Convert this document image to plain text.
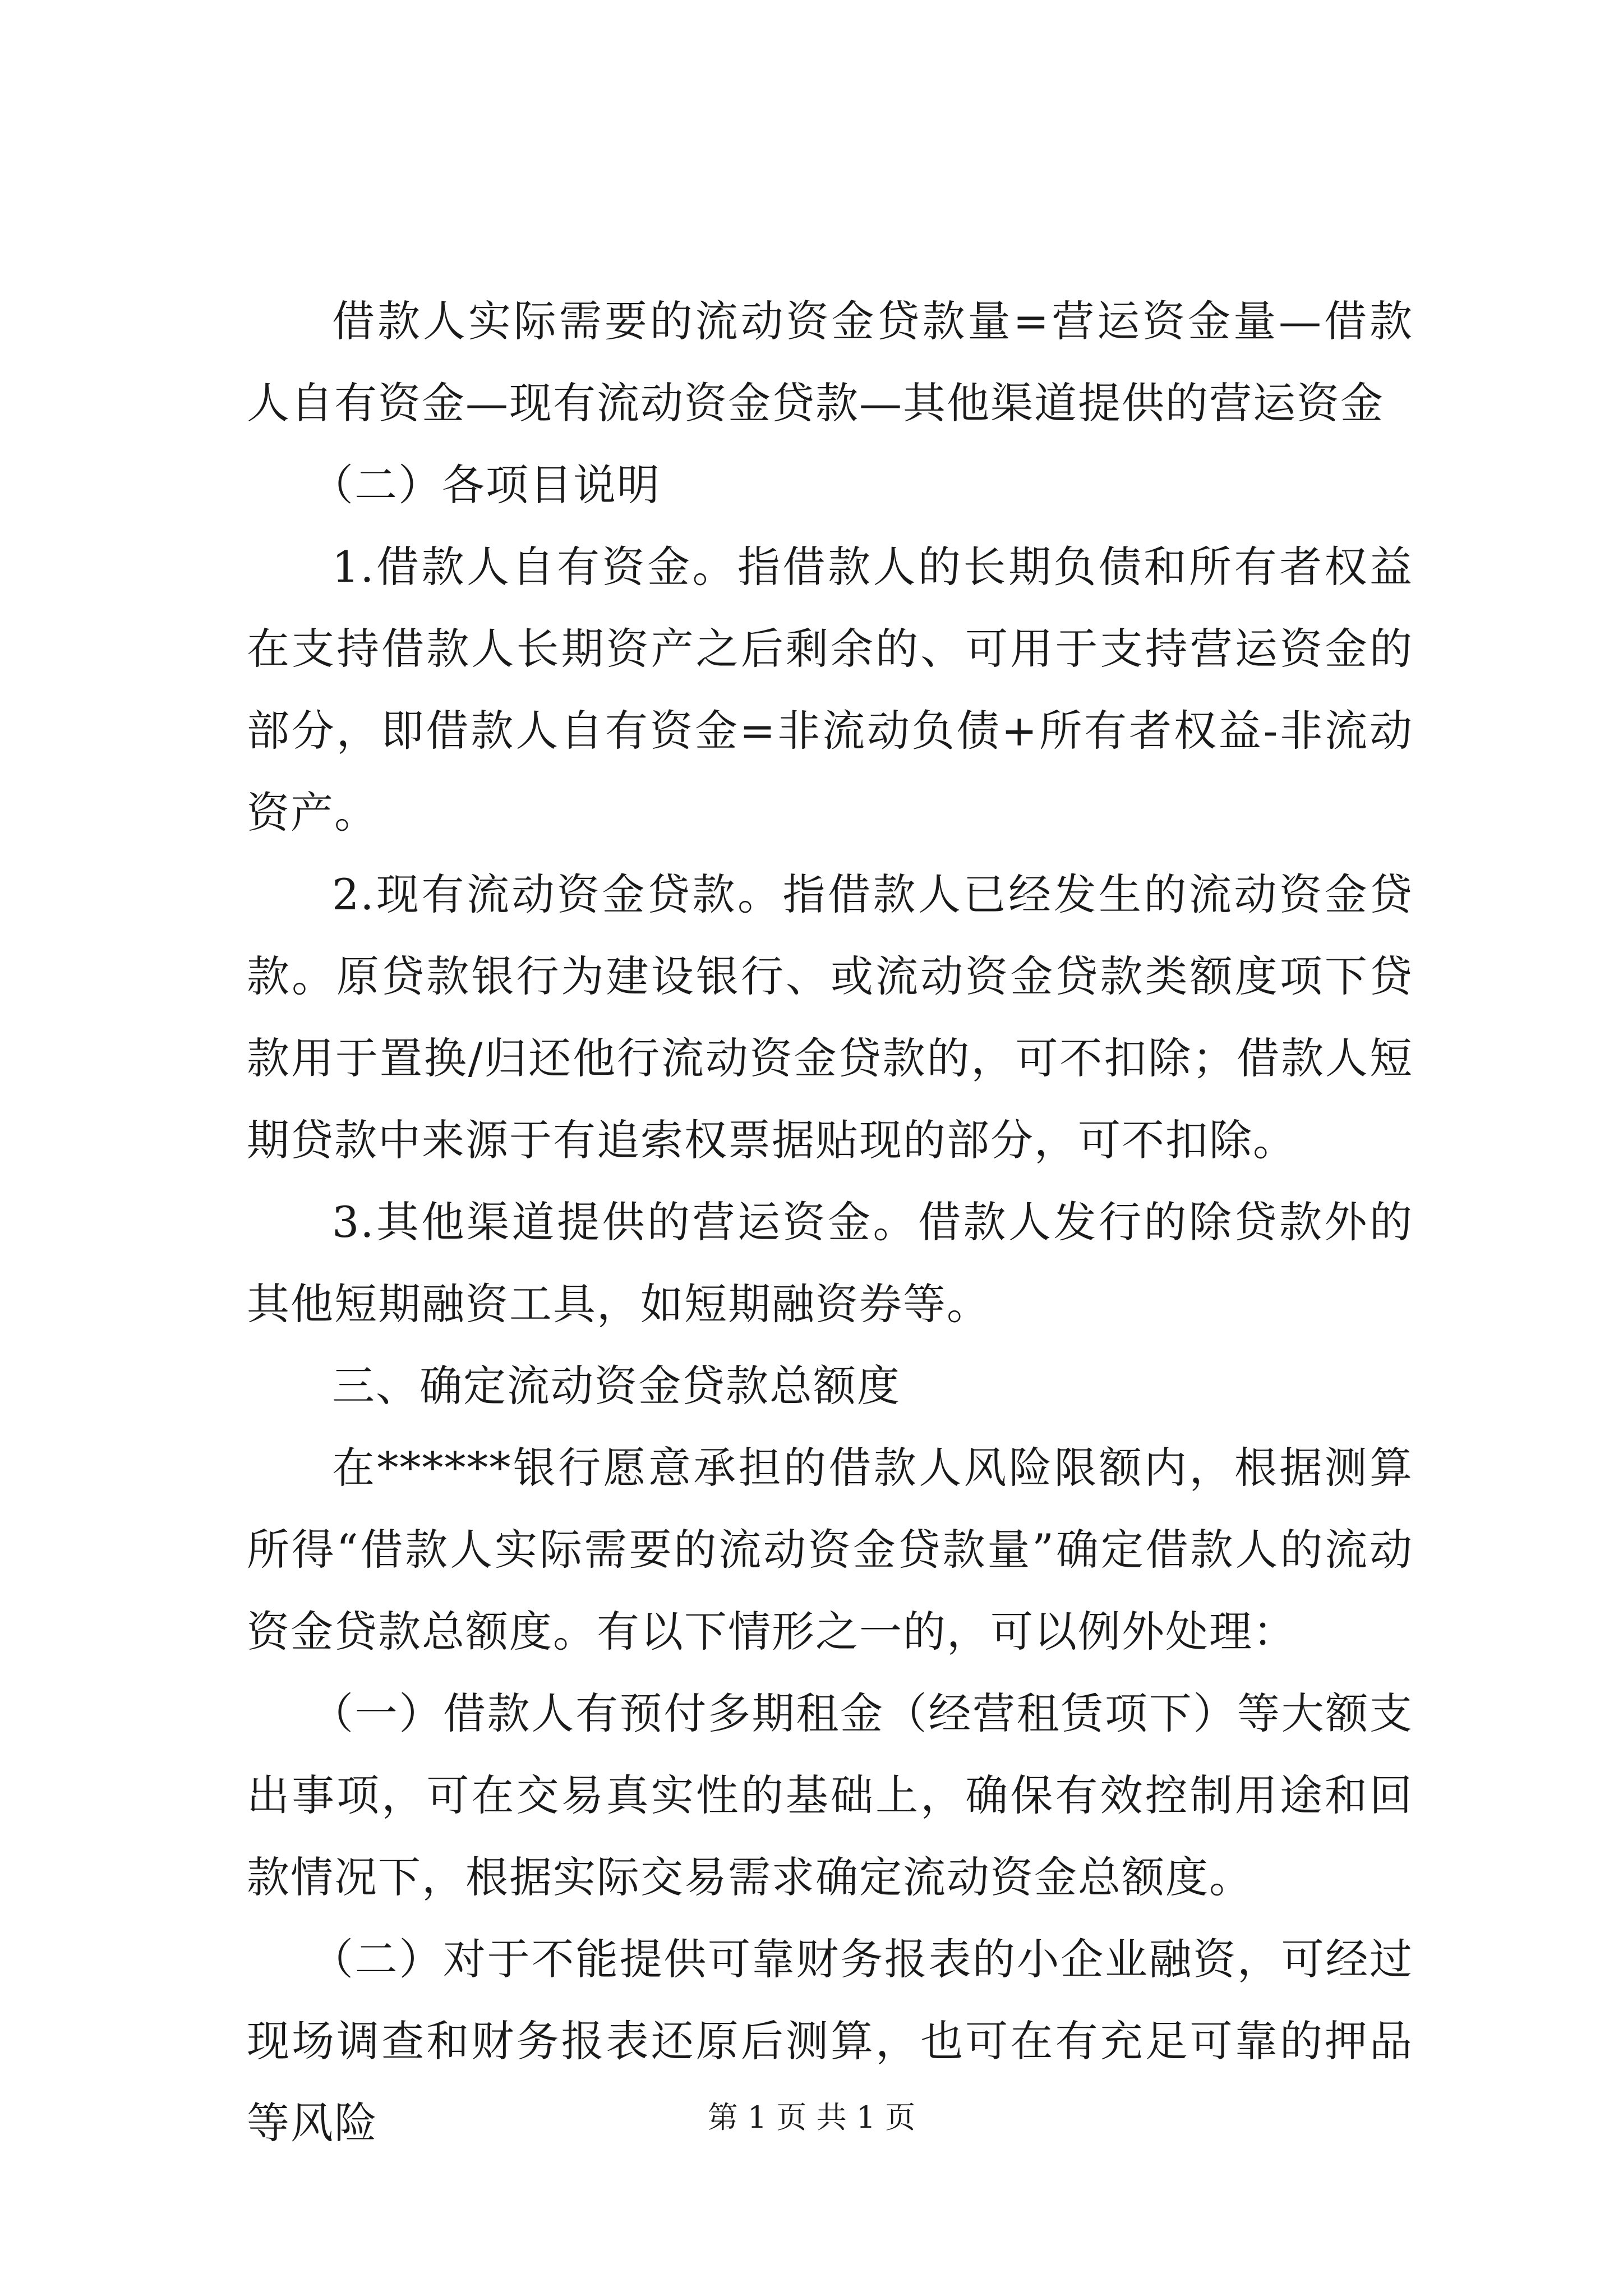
借款人实际需要的流动资金贷款量=营运资金量—借款人自有资金—现有流动资金贷款—其他渠道提供的营运资金

（二）各项目说明

1.借款人自有资金。指借款人的长期负债和所有者权益在支持借款人长期资产之后剩余的、可用于支持营运资金的部分，即借款人自有资金=非流动负债+所有者权益-非流动资产。

2.现有流动资金贷款。指借款人已经发生的流动资金贷款。原贷款银行为建设银行、或流动资金贷款类额度项下贷款用于置换/归还他行流动资金贷款的，可不扣除；借款人短期贷款中来源于有追索权票据贴现的部分，可不扣除。

3.其他渠道提供的营运资金。借款人发行的除贷款外的其他短期融资工具，如短期融资券等。

三、确定流动资金贷款总额度

在******银行愿意承担的借款人风险限额内，根据测算所得“借款人实际需要的流动资金贷款量”确定借款人的流动资金贷款总额度。有以下情形之一的，可以例外处理：

（一）借款人有预付多期租金（经营租赁项下）等大额支出事项，可在交易真实性的基础上，确保有效控制用途和回款情况下，根据实际交易需求确定流动资金总额度。

（二）对于不能提供可靠财务报表的小企业融资，可经过现场调查和财务报表还原后测算，也可在有充足可靠的押品等风险	第 1 页 共 1 页
